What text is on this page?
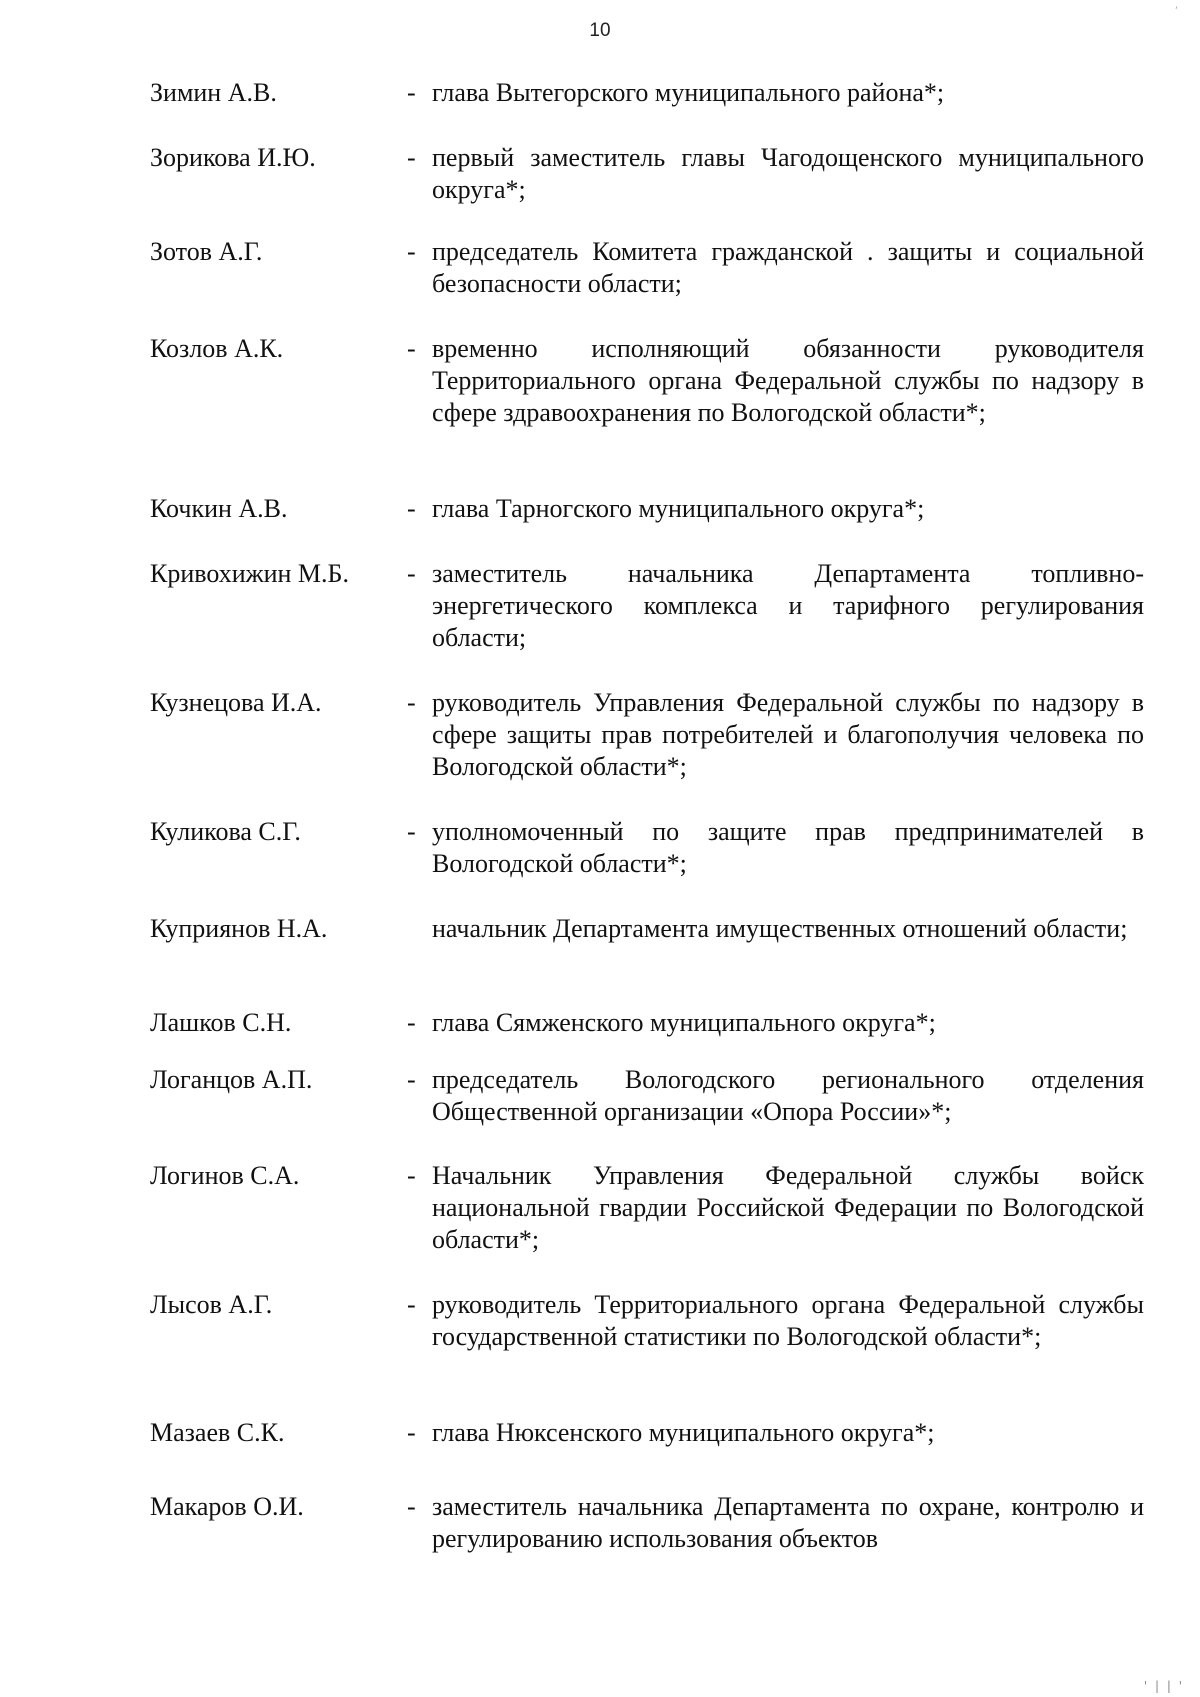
,
10
Зимин А.В.	- глава Вытегорского муниципального района*;
Зорикова И.Ю.	- первый заместитель главы Чагодощенского муниципального округа*;
Зотов А.Г.	- председатель Комитета гражданской . защиты и социальной безопасности области;
Козлов А.К.	- временно исполняющий обязанности руководителя Территориального органа Федеральной службы по надзору в сфере здравоохранения по Вологодской области*;
Кочкин А.В.	- глава Тарногского муниципального округа*;
Кривохижин М.Б. - заместитель начальника Департамента топливно-энергетического комплекса и тарифного регулирования области;
Кузнецова И.А.	- руководитель Управления Федеральной службы по надзору в сфере защиты прав потребителей и благополучия человека по Вологодской области*;
Куликова С.Г.	- уполномоченный по защите прав предпринимателей в Вологодской области*;
Куприянов Н.А.	начальник Департамента имущественных отношений области;
Лашков С.Н.	- глава Сямженского муниципального округа*;
Логанцов А.П.	- председатель Вологодского регионального отделения Общественной организации «Опора России»*;
Логинов С.А.	- Начальник Управления Федеральной службы войск национальной гвардии Российской Федерации по Вологодской области*;
Лысов А.Г.	- руководитель Территориального органа Федеральной службы государственной статистики по Вологодской области*;
Мазаев С.К.	- глава Нюксенского муниципального округа*;
Макаров О.И.	- заместитель начальника Департамента по охране, контролю и регулированию использования объектов
' | | '
